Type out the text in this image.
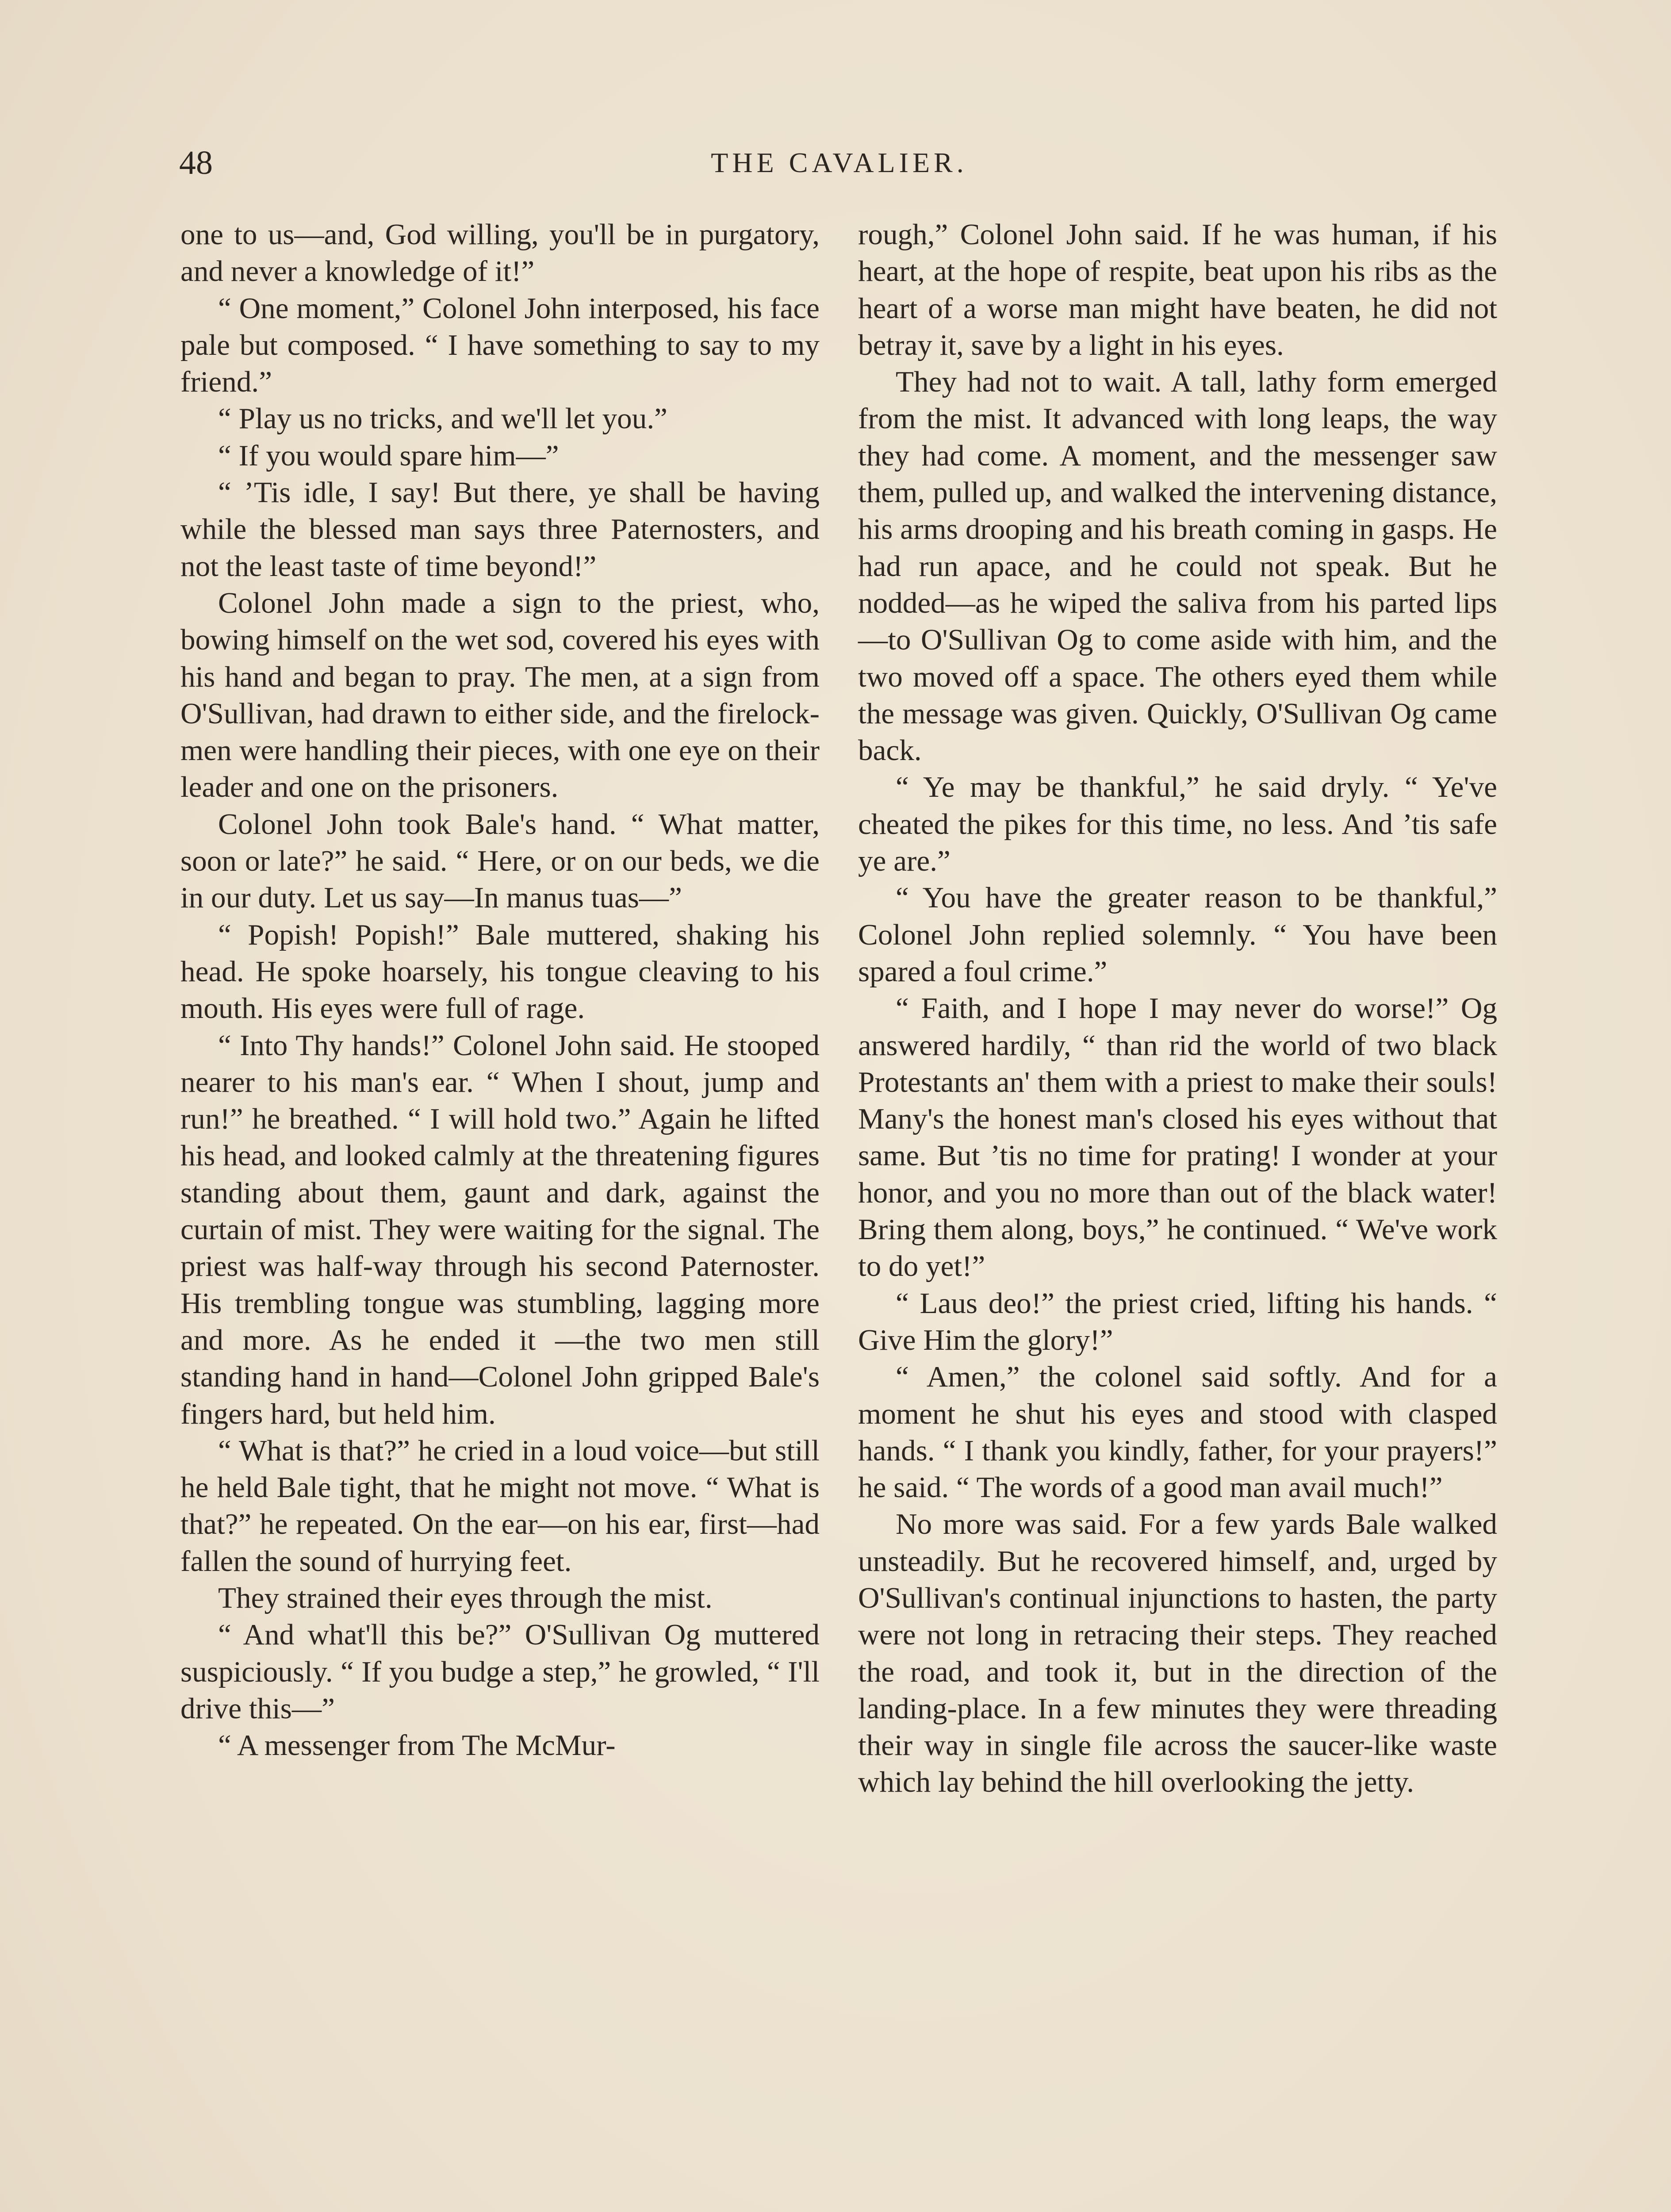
48	THE CAVALIER.

one to us—and, God willing, you'll be in purgatory, and never a knowledge of it!”

“ One moment,” Colonel John interposed, his face pale but composed. “ I have something to say to my friend.”

“ Play us no tricks, and we'll let you.”

“ If you would spare him—”

“ ’Tis idle, I say! But there, ye shall be having while the blessed man says three Paternosters, and not the least taste of time beyond!”

Colonel John made a sign to the priest, who, bowing himself on the wet sod, covered his eyes with his hand and began to pray. The men, at a sign from O'Sullivan, had drawn to either side, and the firelock-men were handling their pieces, with one eye on their leader and one on the prisoners.

Colonel John took Bale's hand. “ What matter, soon or late?” he said. “ Here, or on our beds, we die in our duty. Let us say—In manus tuas—”

“ Popish! Popish!” Bale muttered, shaking his head. He spoke hoarsely, his tongue cleaving to his mouth. His eyes were full of rage.

“ Into Thy hands!” Colonel John said. He stooped nearer to his man's ear. “ When I shout, jump and run!” he breathed. “ I will hold two.” Again he lifted his head, and looked calmly at the threatening figures standing about them, gaunt and dark, against the curtain of mist. They were waiting for the signal. The priest was half-way through his second Paternoster. His trembling tongue was stumbling, lagging more and more. As he ended it —the two men still standing hand in hand—Colonel John gripped Bale's fingers hard, but held him.

“ What is that?” he cried in a loud voice—but still he held Bale tight, that he might not move. “ What is that?” he repeated. On the ear—on his ear, first—had fallen the sound of hurrying feet.

They strained their eyes through the mist.

“ And what'll this be?” O'Sullivan Og muttered suspiciously. “ If you budge a step,” he growled, “ I'll drive this—”

“ A messenger from The McMur-

rough,” Colonel John said. If he was human, if his heart, at the hope of respite, beat upon his ribs as the heart of a worse man might have beaten, he did not betray it, save by a light in his eyes.

They had not to wait. A tall, lathy form emerged from the mist. It advanced with long leaps, the way they had come. A moment, and the messenger saw them, pulled up, and walked the intervening distance, his arms drooping and his breath coming in gasps. He had run apace, and he could not speak. But he nodded—as he wiped the saliva from his parted lips—to O'Sullivan Og to come aside with him, and the two moved off a space. The others eyed them while the message was given. Quickly, O'Sullivan Og came back.

“ Ye may be thankful,” he said dryly. “ Ye've cheated the pikes for this time, no less. And ’tis safe ye are.”

“ You have the greater reason to be thankful,” Colonel John replied solemnly. “ You have been spared a foul crime.”

“ Faith, and I hope I may never do worse!” Og answered hardily, “ than rid the world of two black Protestants an' them with a priest to make their souls! Many's the honest man's closed his eyes without that same. But ’tis no time for prating! I wonder at your honor, and you no more than out of the black water! Bring them along, boys,” he continued. “ We've work to do yet!”

“ Laus deo!” the priest cried, lifting his hands. “ Give Him the glory!”

“ Amen,” the colonel said softly. And for a moment he shut his eyes and stood with clasped hands. “ I thank you kindly, father, for your prayers!” he said. “ The words of a good man avail much!”

No more was said. For a few yards Bale walked unsteadily. But he recovered himself, and, urged by O'Sullivan's continual injunctions to hasten, the party were not long in retracing their steps. They reached the road, and took it, but in the direction of the landing-place. In a few minutes they were threading their way in single file across the saucer-like waste which lay behind the hill overlooking the jetty.
